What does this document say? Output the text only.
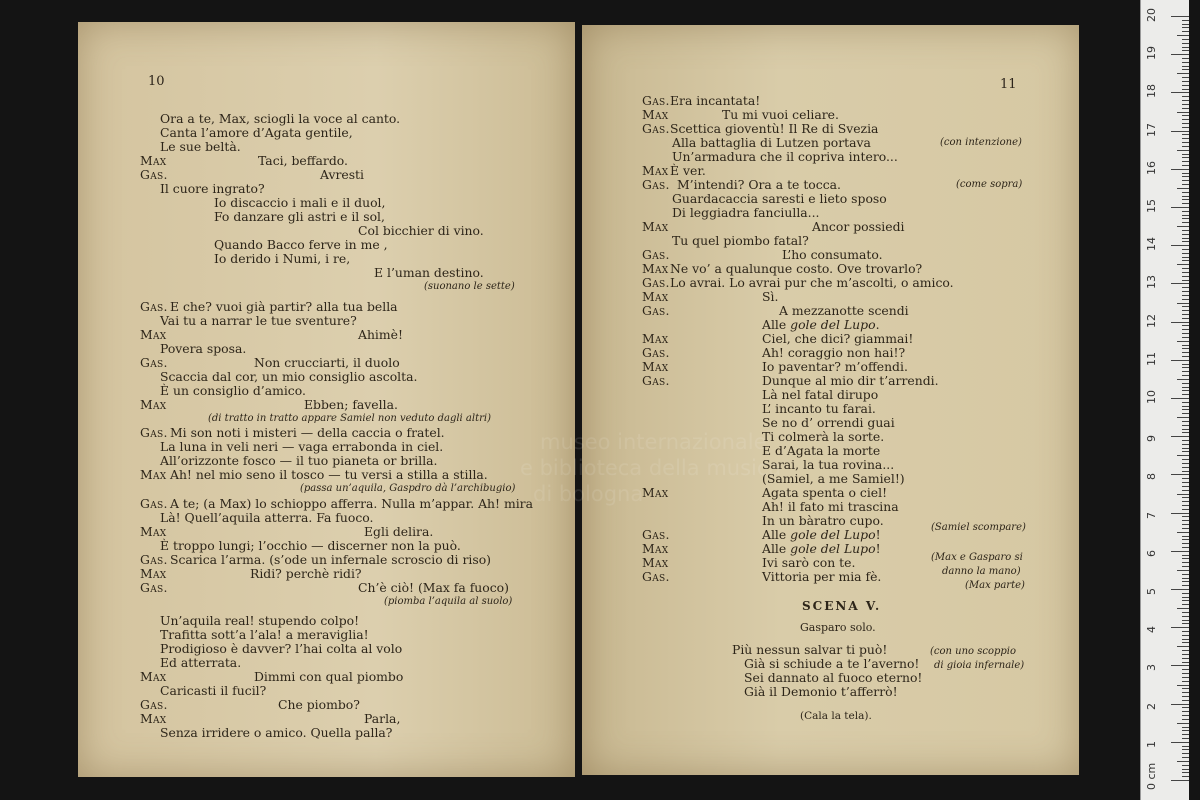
10
Ora a te, Max, sciogli la voce al canto.
Canta l’amore d’Agata gentile,
Le sue beltà.
Max	Taci, beffardo.
Gas.	Avresti
Il cuore ingrato?
Io discaccio i mali e il duol,
Fo danzare gli astri e il sol,
Col bicchier di vino.
Quando Bacco ferve in me ,
Io derido i Numi, i re,
E l’uman destino.
(suonano le sette)
Gas. E che? vuoi già partir? alla tua bella
Vai tu a narrar le tue sventure?
Max	Ahimè!
Povera sposa.
Gas.	Non crucciarti, il duolo
Scaccia dal cor, un mio consiglio ascolta.
È un consiglio d’amico.
Max	Ebben; favella.
(di tratto in tratto appare Samiel non veduto dagli altri)
Gas. Mi son noti i misteri — della caccia o fratel.
La luna in veli neri — vaga errabonda in ciel.
All’orizzonte fosco — il tuo pianeta or brilla.
Max Ah! nel mio seno il tosco — tu versi a stilla a stilla.
(passa un’aquila, Gaspdro dà l’archibugio)
Gas. A te; (a Max) lo schioppo afferra. Nulla m’appar. Ah! mira
Là! Quell’aquila atterra. Fa fuoco.
Max	Egli delira.
È troppo lungi; l’occhio — discerner non la può.
Gas. Scarica l’arma. (s’ode un infernale scroscio di riso)
Max	Ridi? perchè ridi?
Gas.	Ch’è ciò! (Max fa fuoco)
(piomba l’aquila al suolo)
Un’aquila real! stupendo colpo!
Trafitta sott’a l’ala! a meraviglia!
Prodigioso è davver? l’hai colta al volo
Ed atterrata.
Max	Dimmi con qual piombo
Caricasti il fucil?
Gas.	Che piombo?
Max	Parla,
Senza irridere o amico. Quella palla?
11
Gas. Era incantata!
Max	Tu mi vuoi celiare.
Gas. Scettica gioventù! Il Re di Svezia
Alla battaglia di Lutzen portava
Un’armadura che il copriva intero...
Max È ver.
Gas. M’intendi? Ora a te tocca.
Guardacaccia saresti e lieto sposo
Di leggiadra fanciulla...
Max	Ancor possiedi
Tu quel piombo fatal?
Gas.	L’ho consumato.
Max Ne vo’ a qualunque costo. Ove trovarlo?
Gas. Lo avrai. Lo avrai pur che m’ascolti, o amico.
Max	Sì.
Gas.	A mezzanotte scendi
Alle gole del Lupo.
Max	Ciel, che dici? giammai!
Gas.	Ah! coraggio non hai!?
Max	Io paventar? m’offendi.
Gas.	Dunque al mio dir t’arrendi.
Là nel fatal dirupo
L’ incanto tu farai.
Se no d’ orrendi guai
Ti colmerà la sorte.
E d’Agata la morte
Sarai, la tua rovina...
(Samiel, a me Samiel!)
Max	Agata spenta o ciel!
Ah! il fato mi trascina
In un bàratro cupo.
Gas.	Alle gole del Lupo!
Max	Alle gole del Lupo!
Max	Ivi sarò con te.
Gas.	Vittoria per mia fè.
(con intenzione)
(come sopra)
(Samiel scompare)
(Max e Gasparo si
danno la mano)
(Max parte)
SCENA V.
Gasparo solo.
Più nessun salvar ti può!
Già si schiude a te l’averno!
Sei dannato al fuoco eterno!
Già il Demonio t’afferrò!
(con uno scoppio
di gioia infernale)
(Cala la tela).
museo internazionale
e biblioteca della musica
di bologna
0 cm
1
2
3
4
5
6
7
8
9
10
11
12
13
14
15
16
17
18
19
20
